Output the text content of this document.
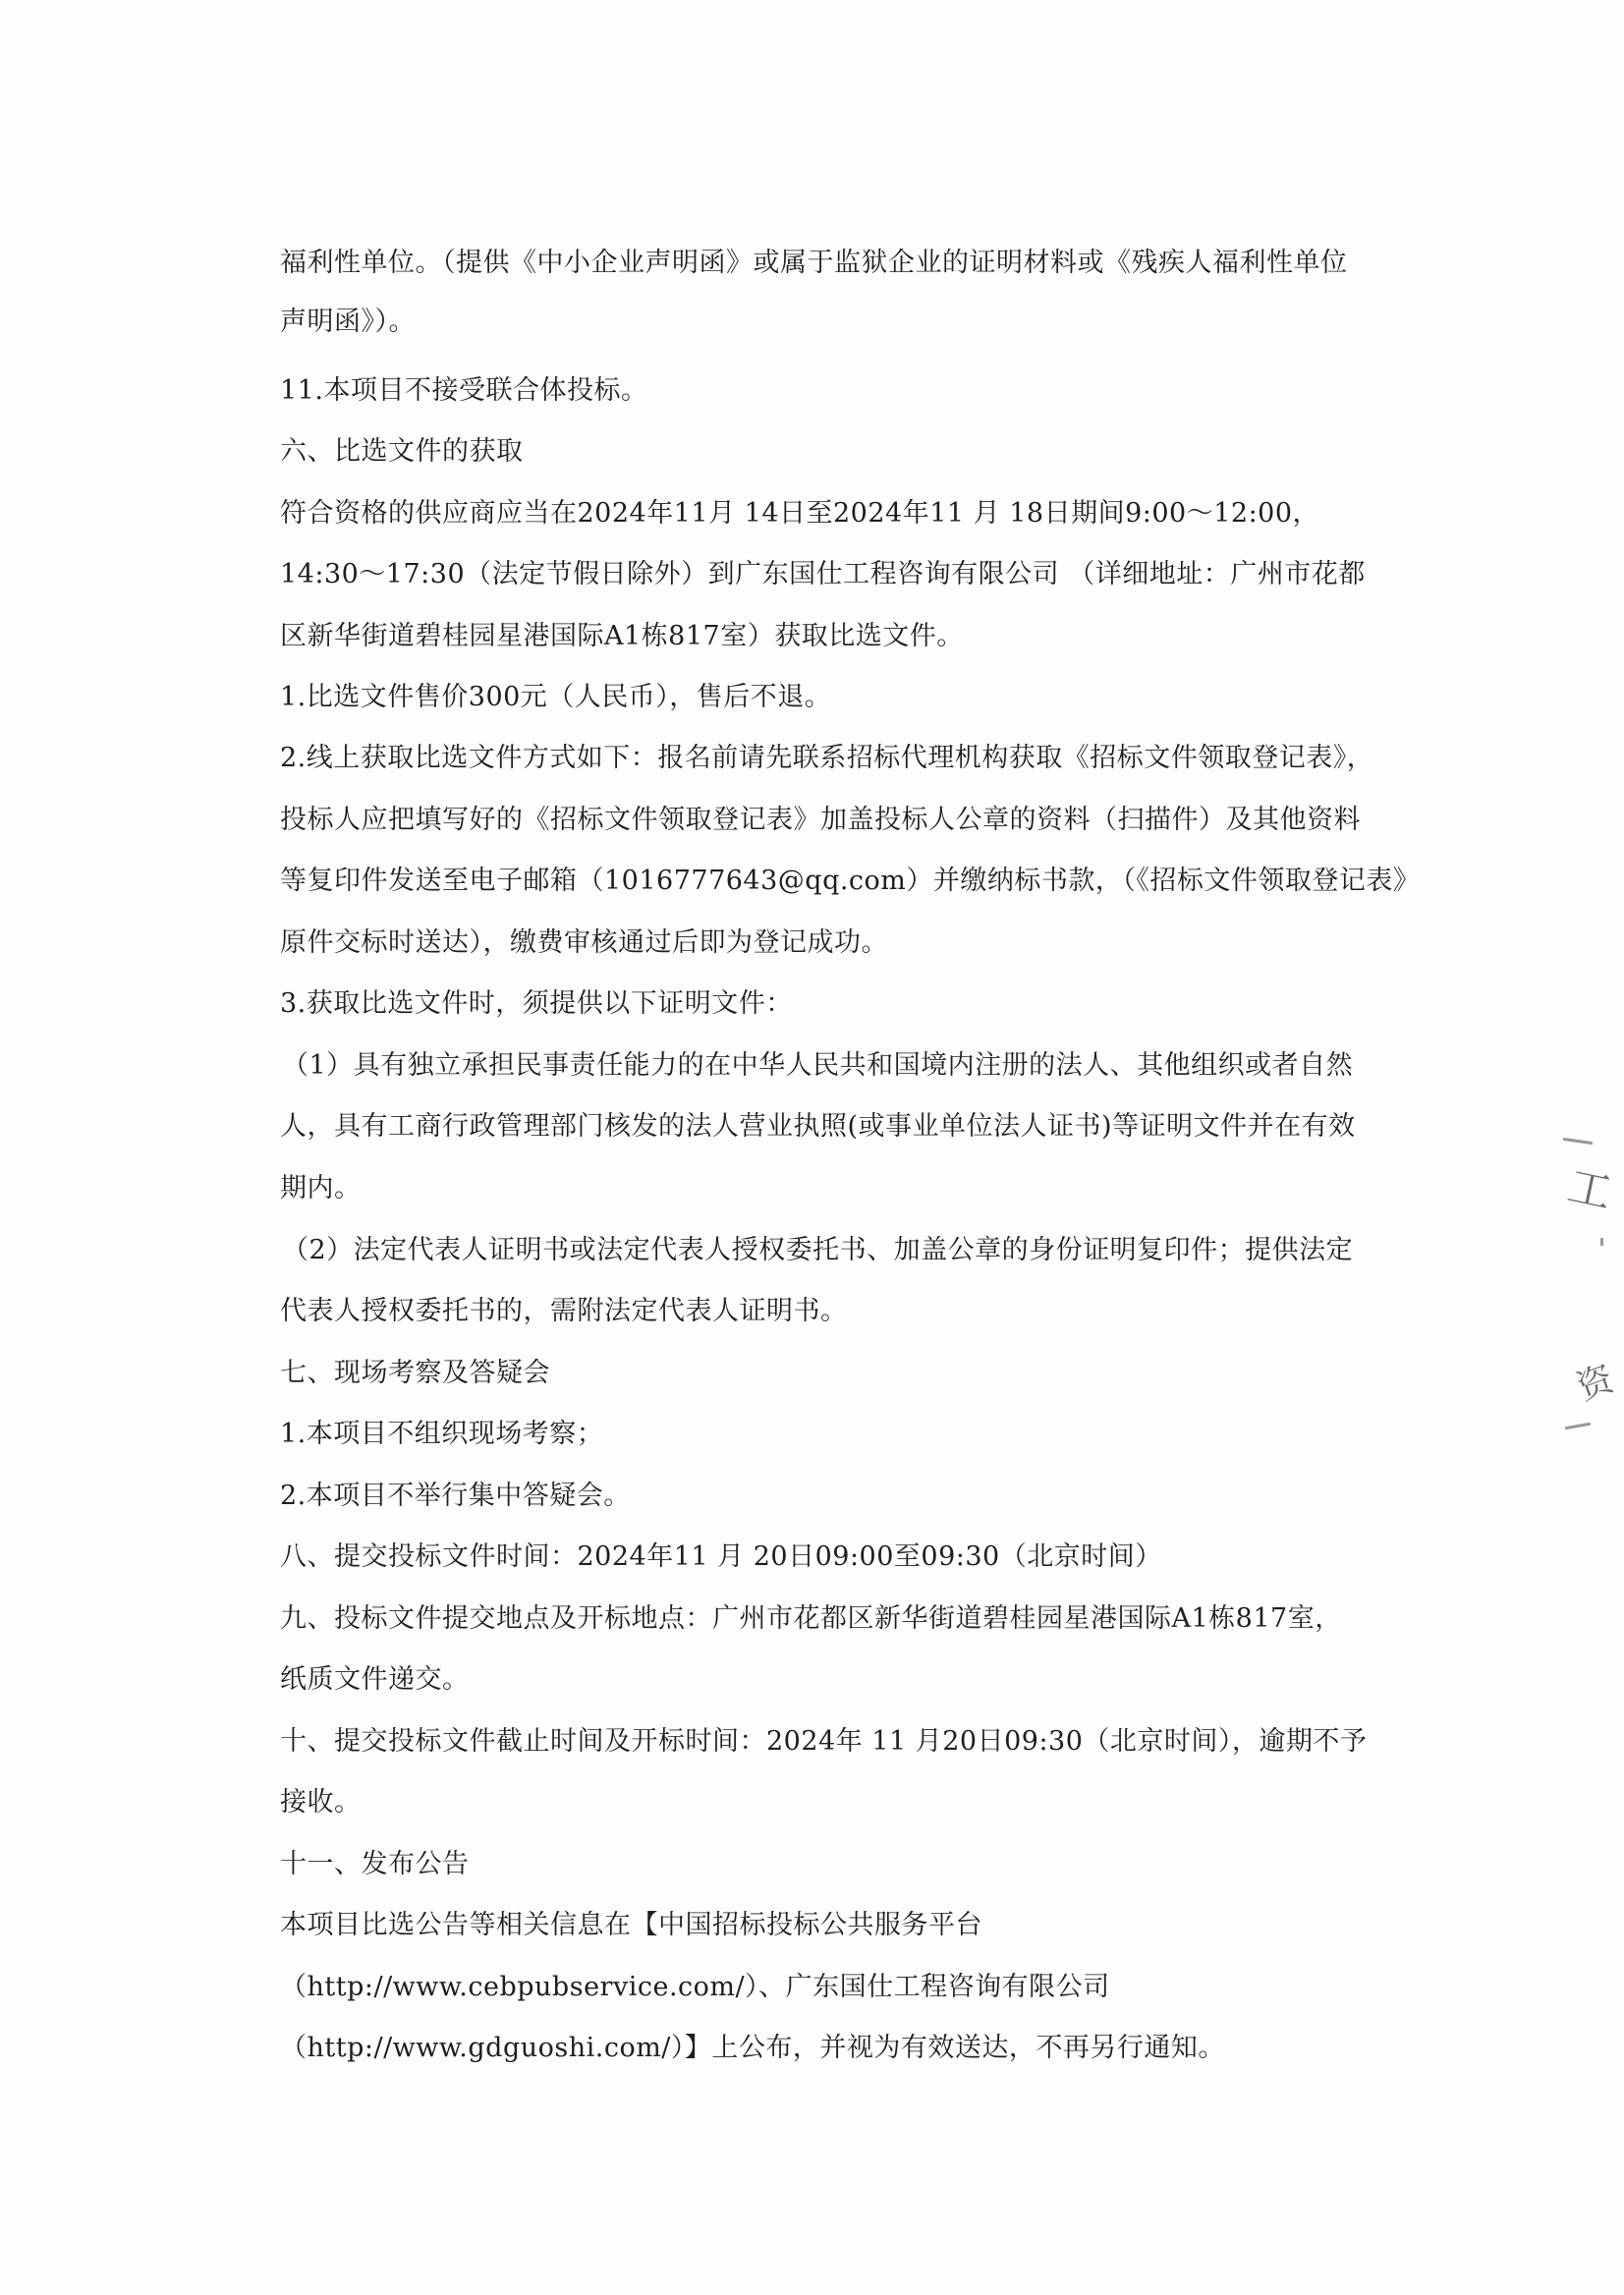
福利性单位。（提供《中小企业声明函》或属于监狱企业的证明材料或《残疾人福利性单位
声明函》）。
11.本项目不接受联合体投标。
六、比选文件的获取
符合资格的供应商应当在2024年11月 14日至2024年11 月 18日期间9:00～12:00，
14:30～17:30（法定节假日除外）到广东国仕工程咨询有限公司 （详细地址：广州市花都
区新华街道碧桂园星港国际A1栋817室）获取比选文件。
1.比选文件售价300元（人民币），售后不退。
2.线上获取比选文件方式如下：报名前请先联系招标代理机构获取《招标文件领取登记表》，
投标人应把填写好的《招标文件领取登记表》加盖投标人公章的资料（扫描件）及其他资料
等复印件发送至电子邮箱（1016777643@qq.com）并缴纳标书款，（《招标文件领取登记表》
原件交标时送达），缴费审核通过后即为登记成功。
3.获取比选文件时，须提供以下证明文件：
（1）具有独立承担民事责任能力的在中华人民共和国境内注册的法人、其他组织或者自然
人，具有工商行政管理部门核发的法人营业执照(或事业单位法人证书)等证明文件并在有效
期内。
（2）法定代表人证明书或法定代表人授权委托书、加盖公章的身份证明复印件；提供法定
代表人授权委托书的，需附法定代表人证明书。
七、现场考察及答疑会
1.本项目不组织现场考察；
2.本项目不举行集中答疑会。
八、提交投标文件时间：2024年11 月 20日09:00至09:30（北京时间）
九、投标文件提交地点及开标地点：广州市花都区新华街道碧桂园星港国际A1栋817室，
纸质文件递交。
十、提交投标文件截止时间及开标时间：2024年 11 月20日09:30（北京时间），逾期不予
接收。
十一、发布公告
本项目比选公告等相关信息在【中国招标投标公共服务平台
（http://www.cebpubservice.com/）、广东国仕工程咨询有限公司
（http://www.gdguoshi.com/）】上公布，并视为有效送达，不再另行通知。
工
资
